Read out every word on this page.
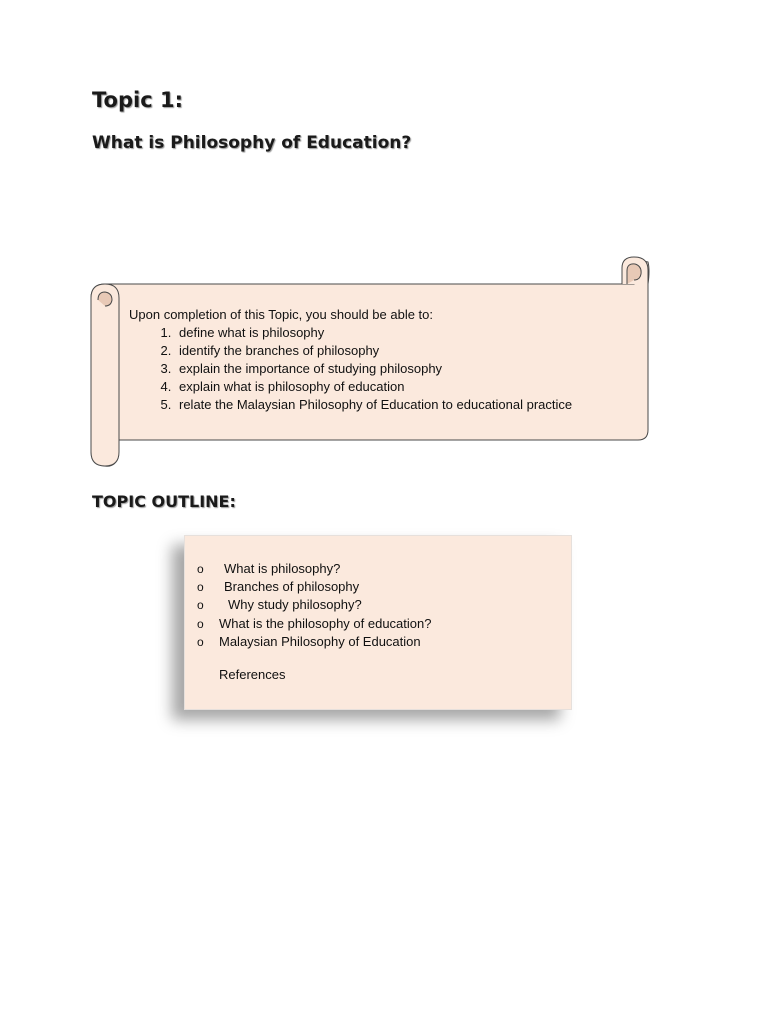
Topic 1:
What is Philosophy of Education?

Upon completion of this Topic, you should be able to:

1. define what is philosophy
2. identify the branches of philosophy
3. explain the importance of studying philosophy
4. explain what is philosophy of education
5. relate the Malaysian Philosophy of Education to educational practice
TOPIC OUTLINE:
o What is philosophy?
o Branches of philosophy
o Why study philosophy?
o What is the philosophy of education?
o Malaysian Philosophy of Education
References
